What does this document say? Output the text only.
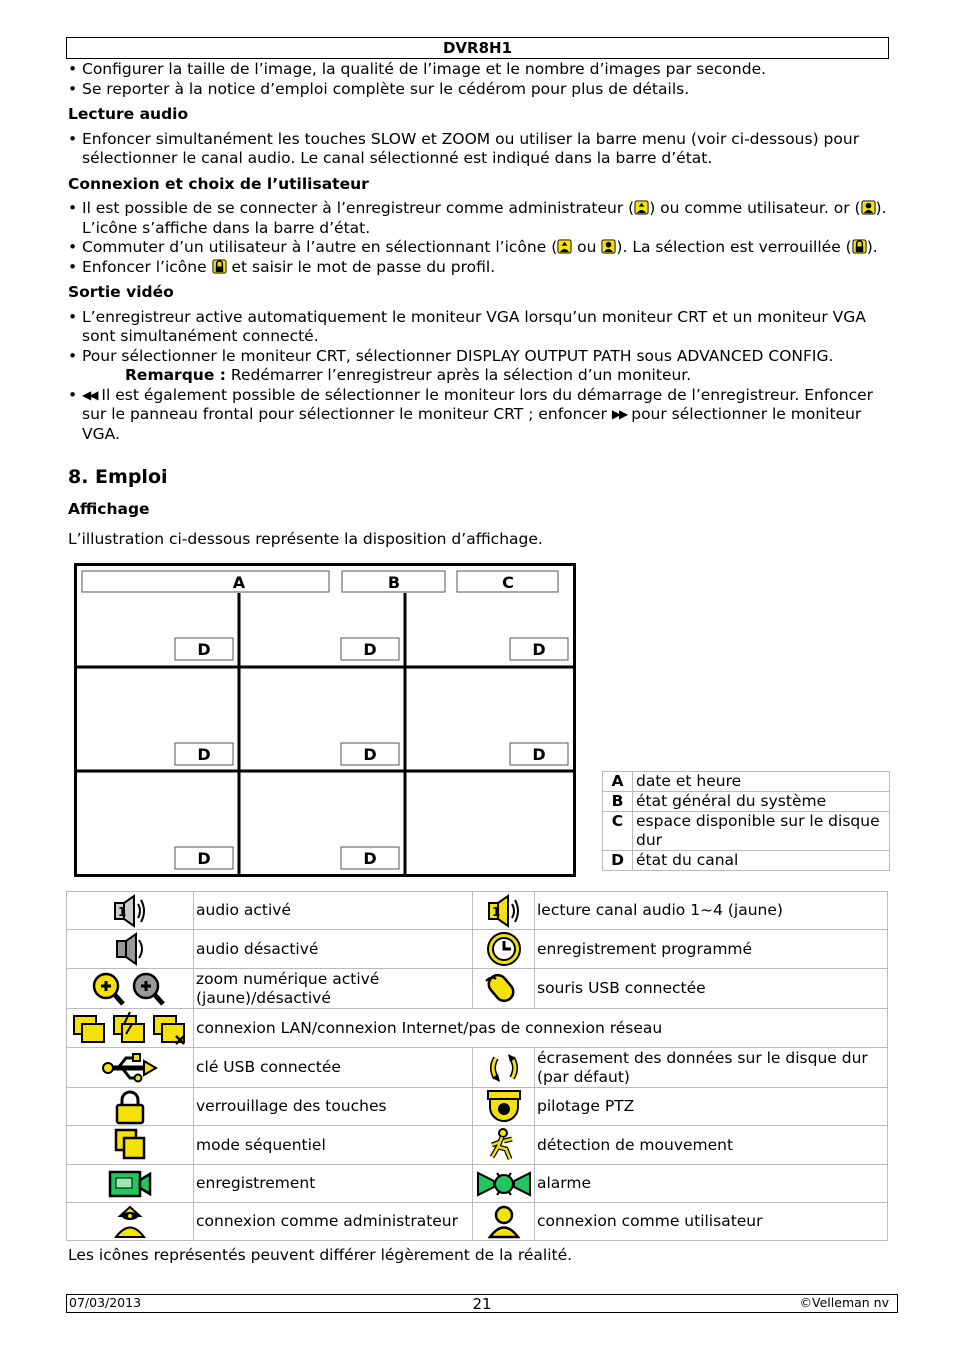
DVR8H1
• Configurer la taille de l’image, la qualité de l’image et le nombre d’images par seconde.
• Se reporter à la notice d’emploi complète sur le cédérom pour plus de détails.
Lecture audio
• Enfoncer simultanément les touches SLOW et ZOOM ou utiliser la barre menu (voir ci-dessous) pour sélectionner le canal audio. Le canal sélectionné est indiqué dans la barre d’état.
Connexion et choix de l’utilisateur
• Il est possible de se connecter à l’enregistreur comme administrateur ( ) ou comme utilisateur. or ( ). L’icône s’affiche dans la barre d’état.
• Commuter d’un utilisateur à l’autre en sélectionnant l’icône ( ou ). La sélection est verrouillée ( ).
• Enfoncer l’icône  et saisir le mot de passe du profil.
Sortie vidéo
• L’enregistreur active automatiquement le moniteur VGA lorsqu’un moniteur CRT et un moniteur VGA sont simultanément connecté.
• Pour sélectionner le moniteur CRT, sélectionner DISPLAY OUTPUT PATH sous ADVANCED CONFIG.
Remarque : Redémarrer l’enregistreur après la sélection d’un moniteur.
• ◀◀ Il est également possible de sélectionner le moniteur lors du démarrage de l’enregistreur. Enfoncer sur le panneau frontal pour sélectionner le moniteur CRT ; enfoncer ▶▶ pour sélectionner le moniteur VGA.
8. Emploi
Affichage
L’illustration ci-dessous représente la disposition d’affichage.
A	B	C
D	D	D
D	D	D
D	D
A	date et heure
B	état général du système
C	espace disponible sur le disque dur
D	état du canal
1	audio activé	1	lecture canal audio 1~4 (jaune)

	audio désactivé		enregistrement programmé

	zoom numérique activé (jaune)/désactivé		souris USB connectée

	connexion LAN/connexion Internet/pas de connexion réseau		

	clé USB connectée		écrasement des données sur le disque dur (par défaut)

	verrouillage des touches		pilotage PTZ

	mode séquentiel		détection de mouvement

	enregistrement		alarme

	connexion comme administrateur		connexion comme utilisateur
Les icônes représentés peuvent différer légèrement de la réalité.
07/03/2013	21	©Velleman nv
